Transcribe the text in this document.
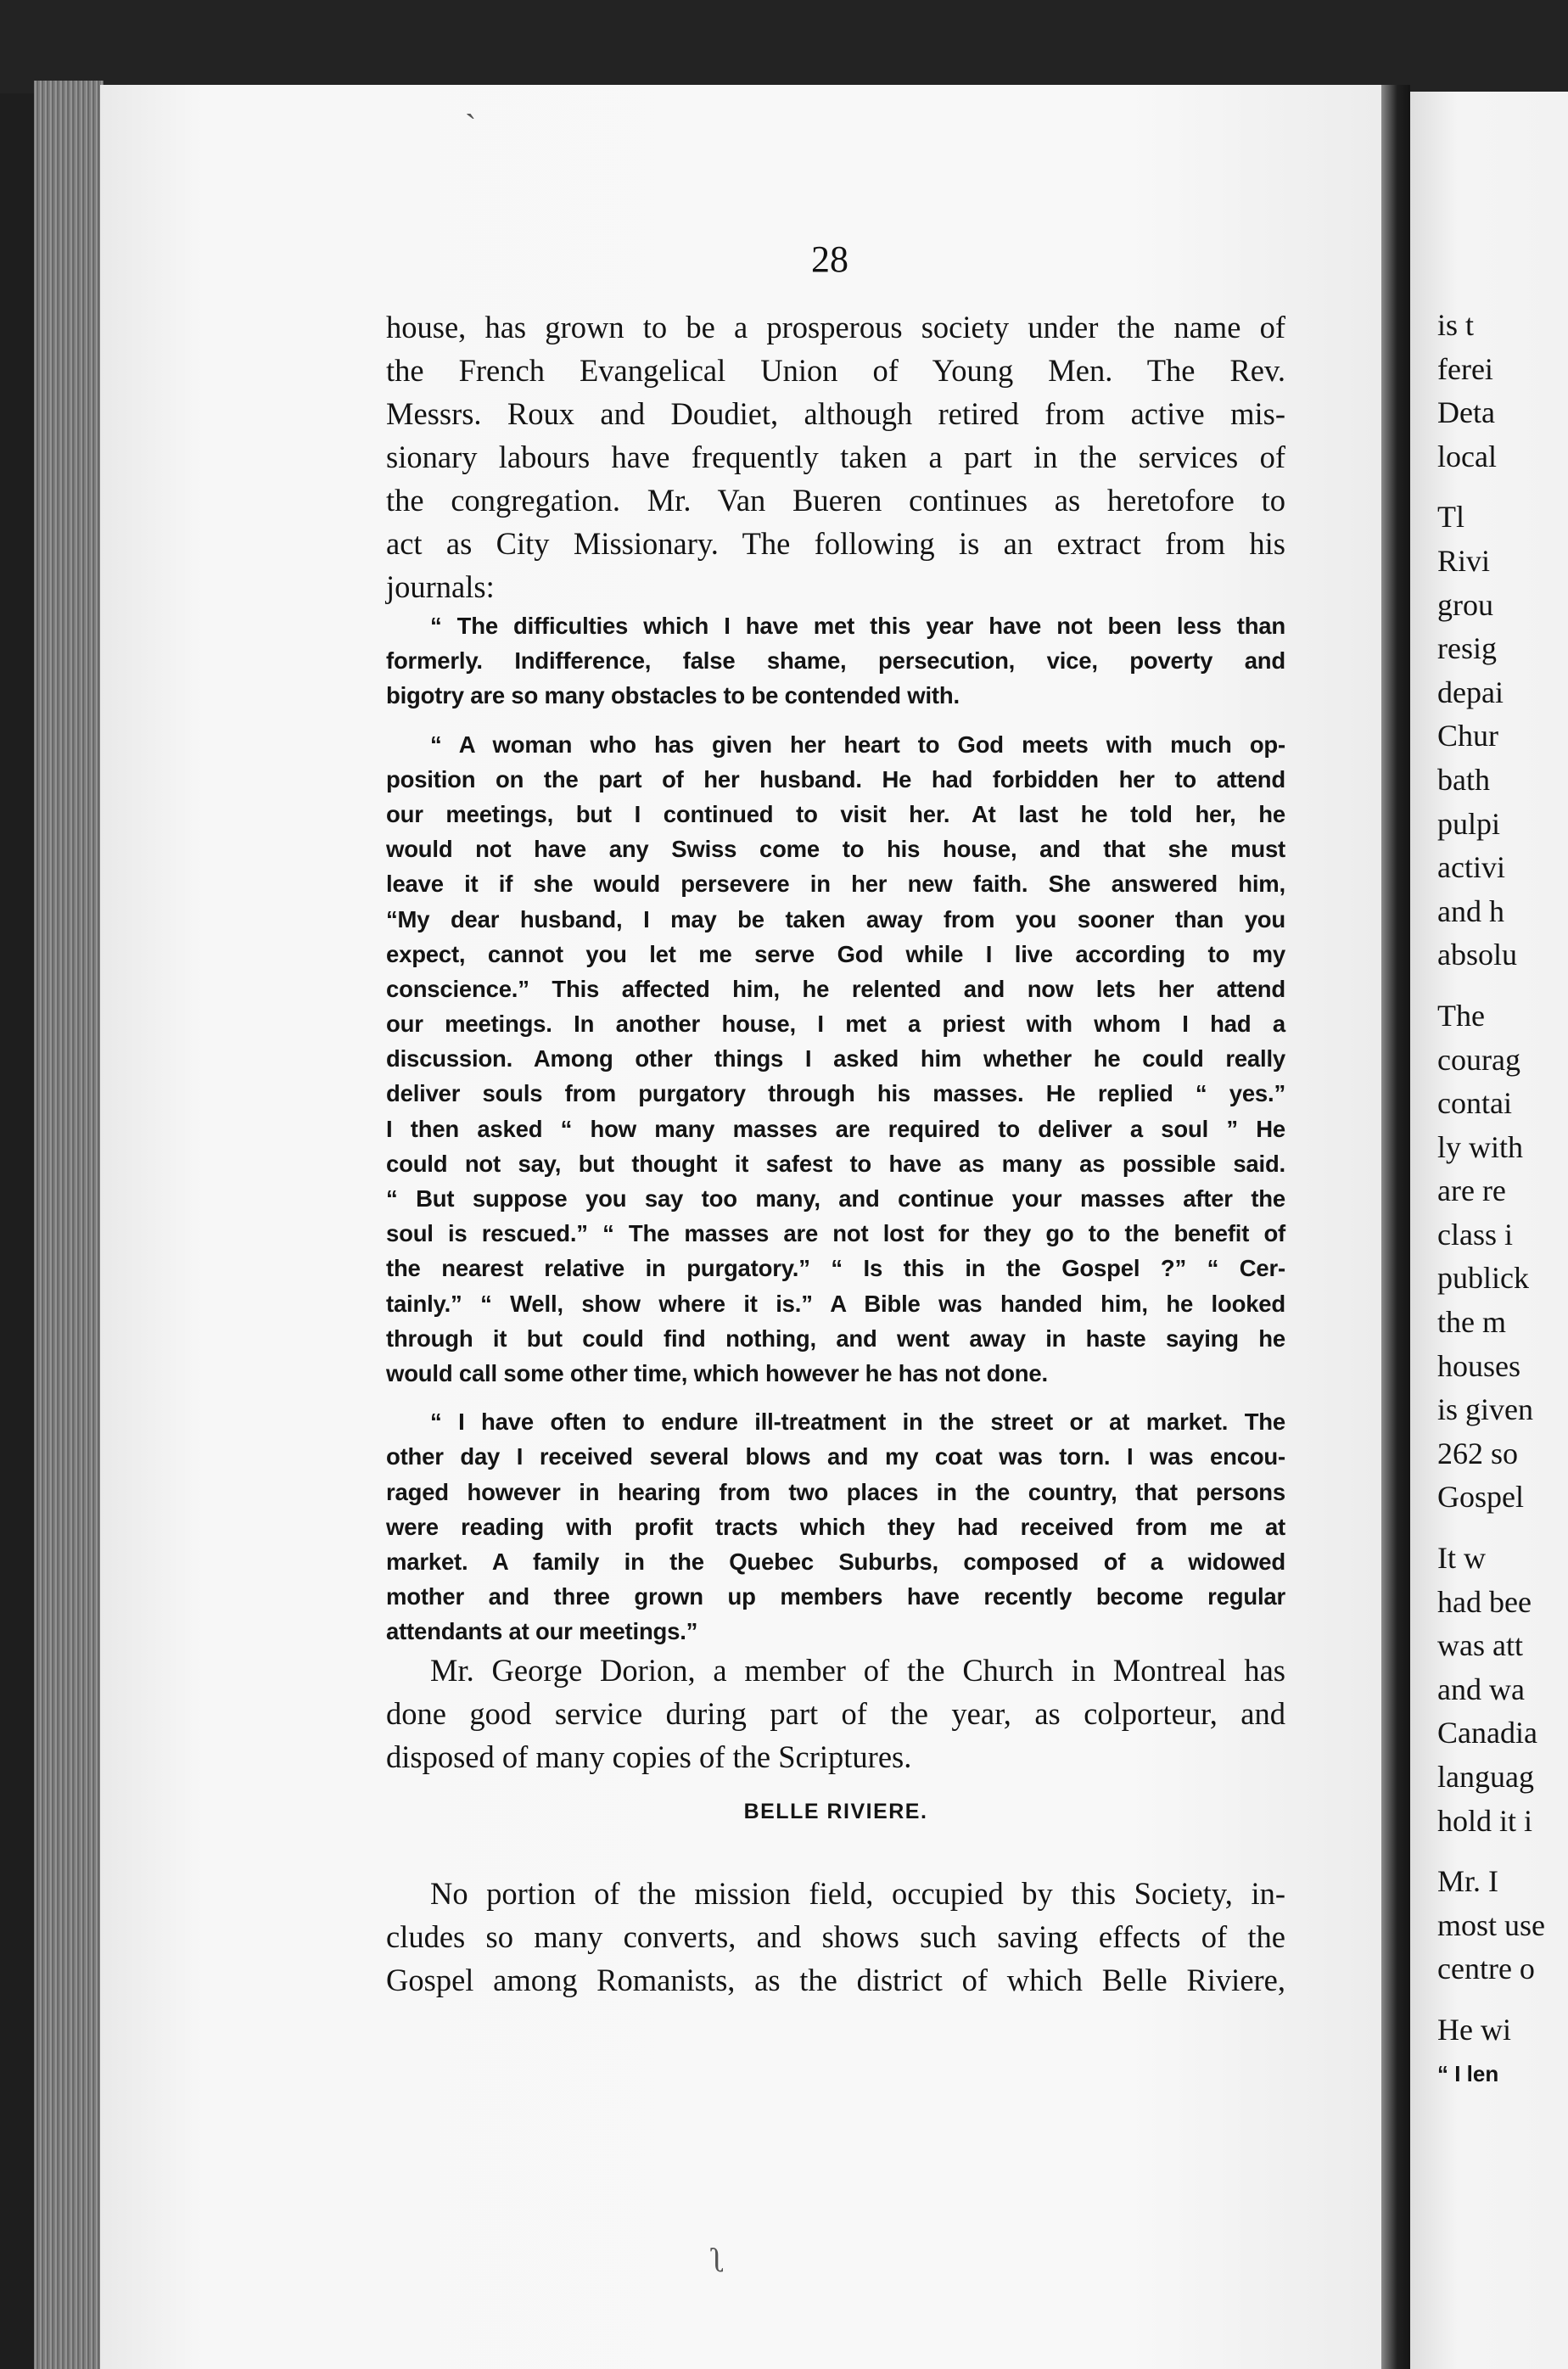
is t
ferei
Deta
local
Tl
Rivi
grou
resig
depai
Chur
bath
pulpi
activi
and h
absolu
The
courag
contai
ly with
are re
class i
publick
the m
houses
is given
262 so
Gospel
It w
had bee
was att
and wa
Canadia
languag
hold it i
Mr. I
most use
centre o
He wi
“ I len
28
house, has grown to be a prosperous society under the name of
the French Evangelical Union of Young Men. The Rev.
Messrs. Roux and Doudiet, although retired from active mis-
sionary labours have frequently taken a part in the services of
the congregation. Mr. Van Bueren continues as heretofore to
act as City Missionary. The following is an extract from his
journals:
“ The difficulties which I have met this year have not been less than
formerly. Indifference, false shame, persecution, vice, poverty and
bigotry are so many obstacles to be contended with.
“ A woman who has given her heart to God meets with much op-
position on the part of her husband. He had forbidden her to attend
our meetings, but I continued to visit her. At last he told her, he
would not have any Swiss come to his house, and that she must
leave it if she would persevere in her new faith. She answered him,
“My dear husband, I may be taken away from you sooner than you
expect, cannot you let me serve God while I live according to my
conscience.” This affected him, he relented and now lets her attend
our meetings. In another house, I met a priest with whom I had a
discussion. Among other things I asked him whether he could really
deliver souls from purgatory through his masses. He replied “ yes.”
I then asked “ how many masses are required to deliver a soul ” He
could not say, but thought it safest to have as many as possible said.
“ But suppose you say too many, and continue your masses after the
soul is rescued.” “ The masses are not lost for they go to the benefit of
the nearest relative in purgatory.” “ Is this in the Gospel ?” “ Cer-
tainly.” “ Well, show where it is.” A Bible was handed him, he looked
through it but could find nothing, and went away in haste saying he
would call some other time, which however he has not done.
“ I have often to endure ill-treatment in the street or at market. The
other day I received several blows and my coat was torn. I was encou-
raged however in hearing from two places in the country, that persons
were reading with profit tracts which they had received from me at
market. A family in the Quebec Suburbs, composed of a widowed
mother and three grown up members have recently become regular
attendants at our meetings.”
Mr. George Dorion, a member of the Church in Montreal has
done good service during part of the year, as colporteur, and
disposed of many copies of the Scriptures.
BELLE RIVIERE.
No portion of the mission field, occupied by this Society, in-
cludes so many converts, and shows such saving effects of the
Gospel among Romanists, as the district of which Belle Riviere,
ˋ
ʅ
